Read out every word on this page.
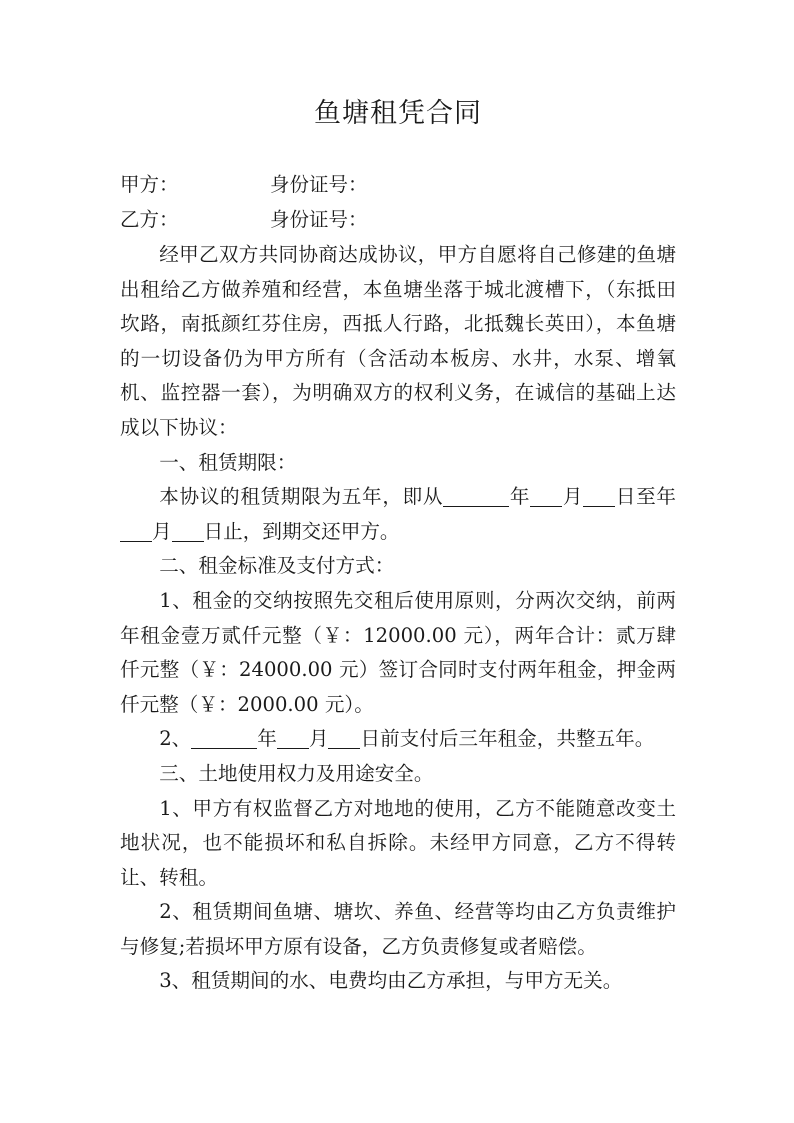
鱼塘租凭合同
甲方：	身份证号：
乙方：	身份证号：

经甲乙双方共同协商达成协议，甲方自愿将自己修建的鱼塘出租给乙方做养殖和经营，本鱼塘坐落于城北渡槽下，（东抵田坎路，南抵颜红芬住房，西抵人行路，北抵魏长英田），本鱼塘的一切设备仍为甲方所有（含活动本板房、水井，水泵、增氧机、监控器一套），为明确双方的权利义务，在诚信的基础上达成以下协议：

一、租赁期限：

本协议的租赁期限为五年，即从	年 月 日至年月 日止，到期交还甲方。

二、租金标准及支付方式：

1、租金的交纳按照先交租后使用原则，分两次交纳，前两年租金壹万贰仟元整（￥：12000.00 元），两年合计：贰万肆仟元整（￥：24000.00 元）签订合同时支付两年租金，押金两仟元整（￥：2000.00 元）。

2、	年 月 日前支付后三年租金，共整五年。

三、土地使用权力及用途安全。

1、甲方有权监督乙方对地地的使用，乙方不能随意改变土地状况，也不能损坏和私自拆除。未经甲方同意，乙方不得转让、转租。

2、租赁期间鱼塘、塘坎、养鱼、经营等均由乙方负责维护与修复;若损坏甲方原有设备，乙方负责修复或者赔偿。

3、租赁期间的水、电费均由乙方承担，与甲方无关。
